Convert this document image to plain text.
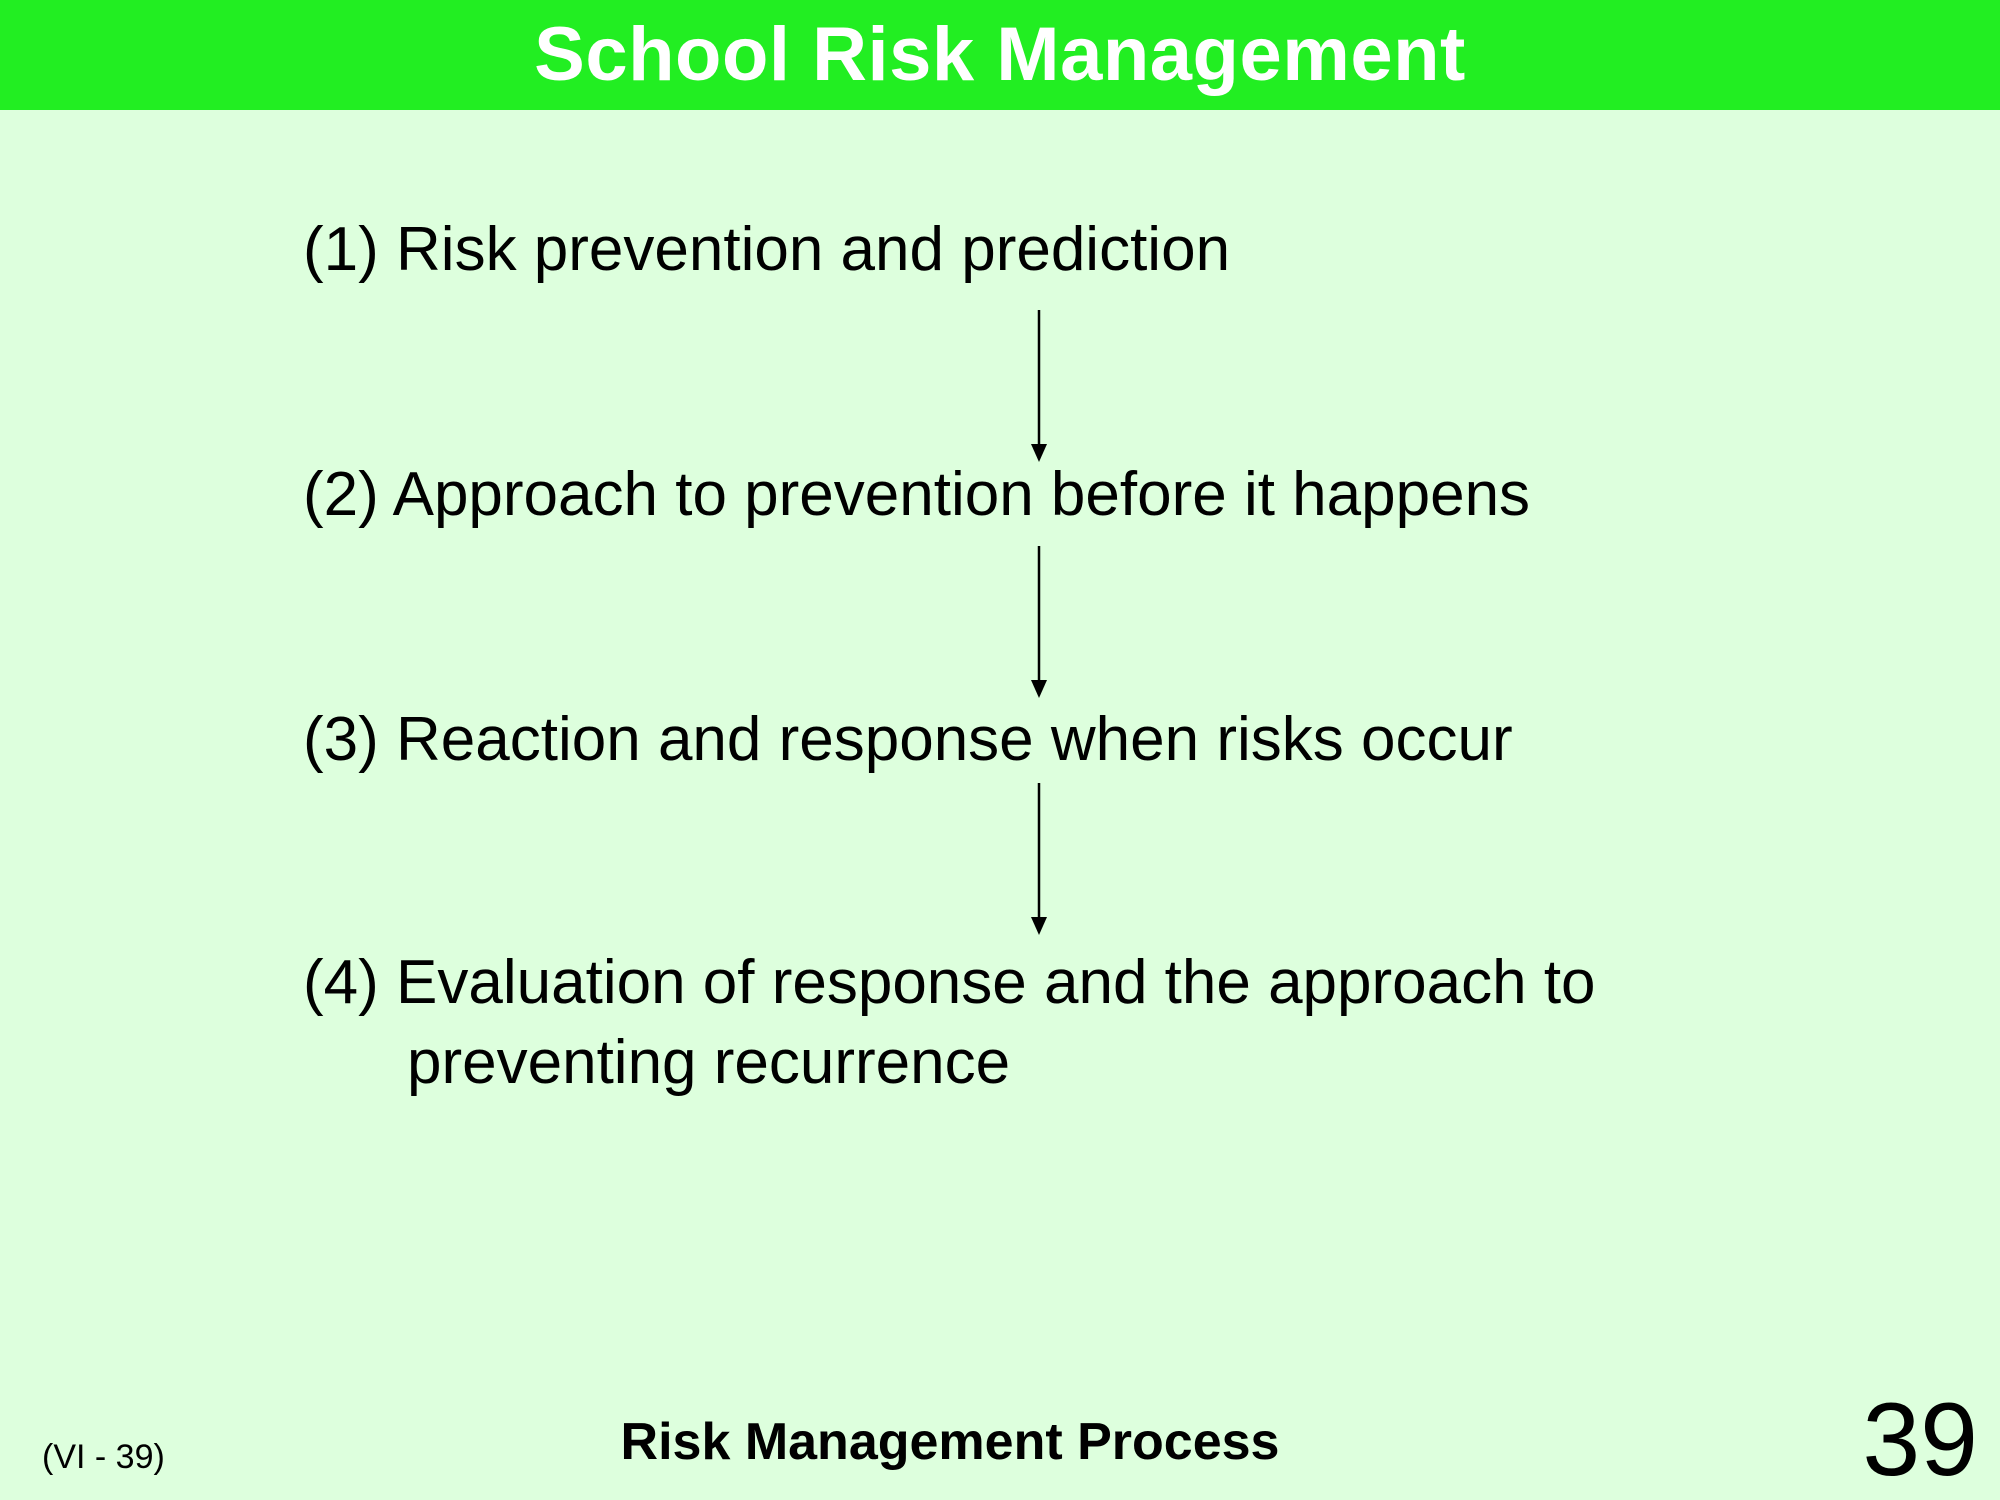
School Risk Management
(1) Risk prevention and prediction
(2) Approach to prevention before it happens
(3) Reaction and response when risks occur
(4) Evaluation of response and the approach to
preventing recurrence
(VI - 39)	Risk Management Process	39
